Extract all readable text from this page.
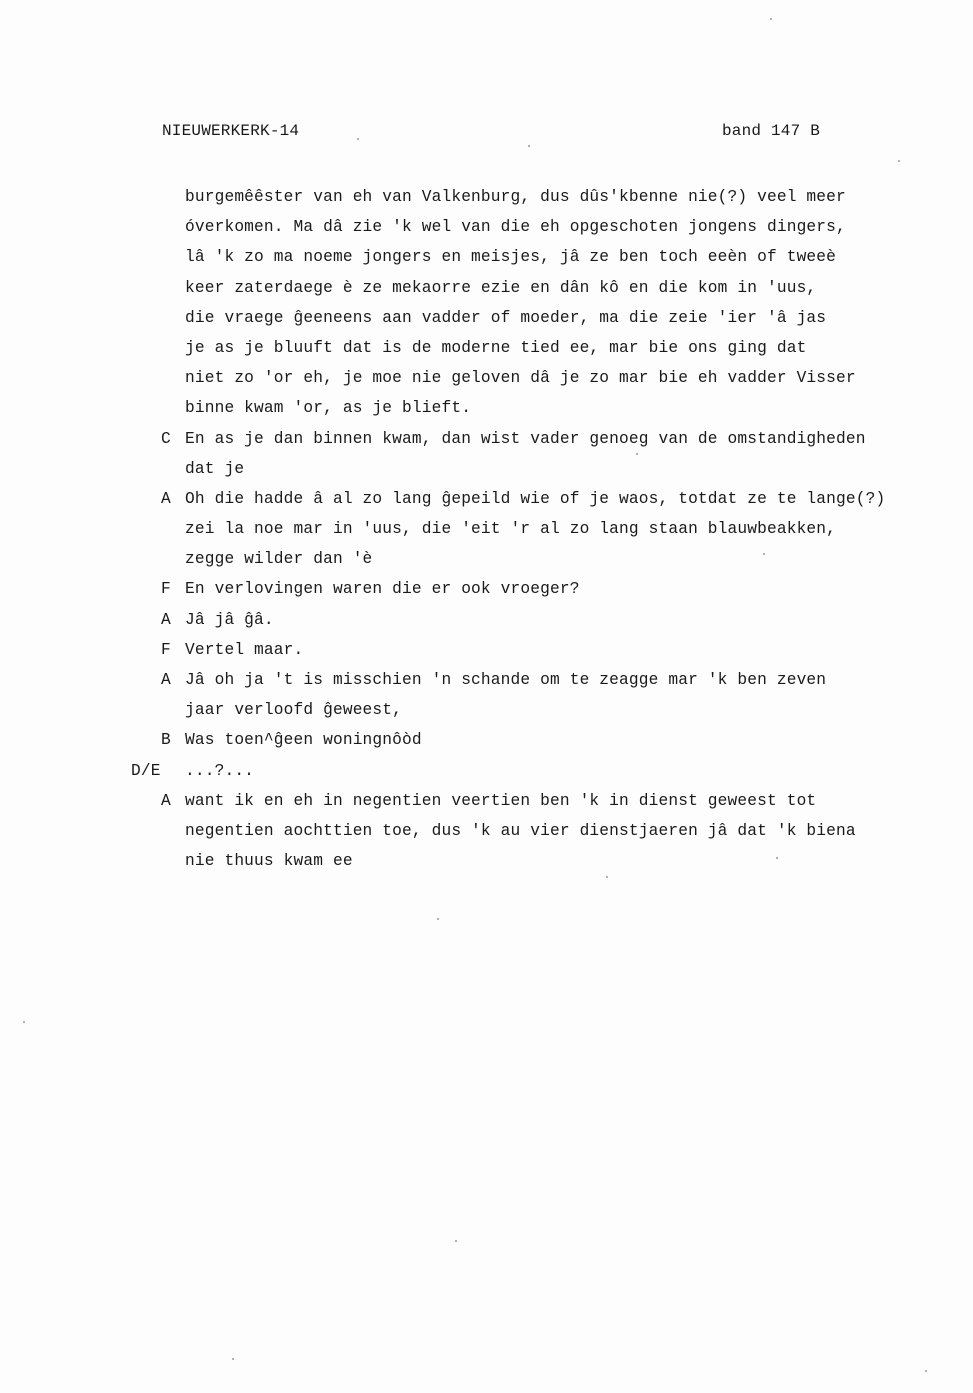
NIEUWERKERK-14	band 147 B
burgemêêster van eh van Valkenburg, dus dûs'kbenne nie(?) veel meer
óverkomen. Ma dâ zie 'k wel van die eh opgeschoten jongens dingers,
lâ 'k zo ma noeme jongers en meisjes, jâ ze ben toch eeèn of tweeè
keer zaterdaege è ze mekaorre ezie en dân kô en die kom in 'uus,
die vraege ĝeeneens aan vadder of moeder, ma die zeie 'ier 'â jas
je as je bluuft dat is de moderne tied ee, mar bie ons ging dat
niet zo 'or eh, je moe nie geloven dâ je zo mar bie eh vadder Visser
binne kwam 'or, as je blieft.
C En as je dan binnen kwam, dan wist vader genoeg van de omstandigheden
dat je
A Oh die hadde â al zo lang ĝepeild wie of je waos, totdat ze te lange(?)
zei la noe mar in 'uus, die 'eit 'r al zo lang staan blauwbeakken,
zegge wilder dan 'è
F En verlovingen waren die er ook vroeger?
A Jâ jâ ĝâ.
F Vertel maar.
A Jâ oh ja 't is misschien 'n schande om te zeagge mar 'k ben zeven
jaar verloofd ĝeweest,
B Was toen^ĝeen woningnôòd
D/E ...?...
A want ik en eh in negentien veertien ben 'k in dienst geweest tot
negentien aochttien toe, dus 'k au vier dienstjaeren jâ dat 'k biena
nie thuus kwam ee
